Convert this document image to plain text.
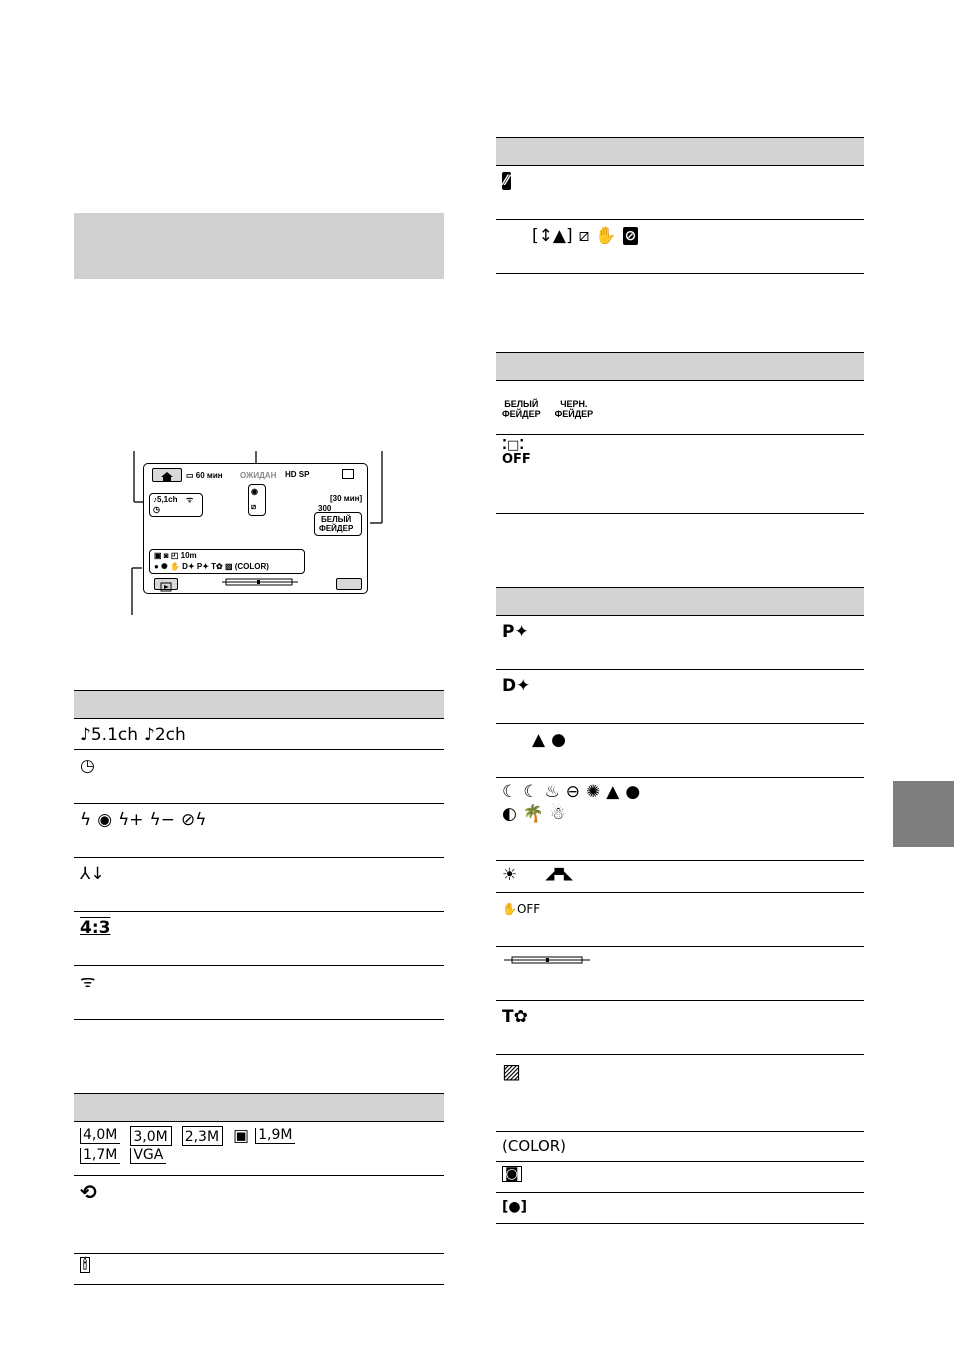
▭ 60 мин ОЖИДАН HD SP
♪5,1ch ᯤ
◷
◉
⧄
[30 мин]
300
БЕЛЫЙ
ФЕЙДЕР
▣ ◙ ◰ 10m
● ✺ ✋ D✦ P✦ T✿ ▨ (COLOR)
♪5.1ch ♪2ch
◷
ϟ ◉ ϟ+ ϟ− ⊘ϟ
⅄↓
4:3
ᯤ
4,0M 3,0M 2,3M ▣ 1,9M
1,7M VGA
⟲
🕯
⁄⁄
[↕▲] ⧄ ✋ ⊘
БЕЛЫЙ
ФЕЙДЕР
ЧЕРН.
ФЕЙДЕР
⁚□⁚
OFF
P✦
D✦
▲ ●
☾ ☾ ♨ ⊖ ✺ ▲ ●
◐ 🌴 ☃
☀ ◢▀◣
✋OFF
T✿
▨
(COLOR)
◙
[●]
